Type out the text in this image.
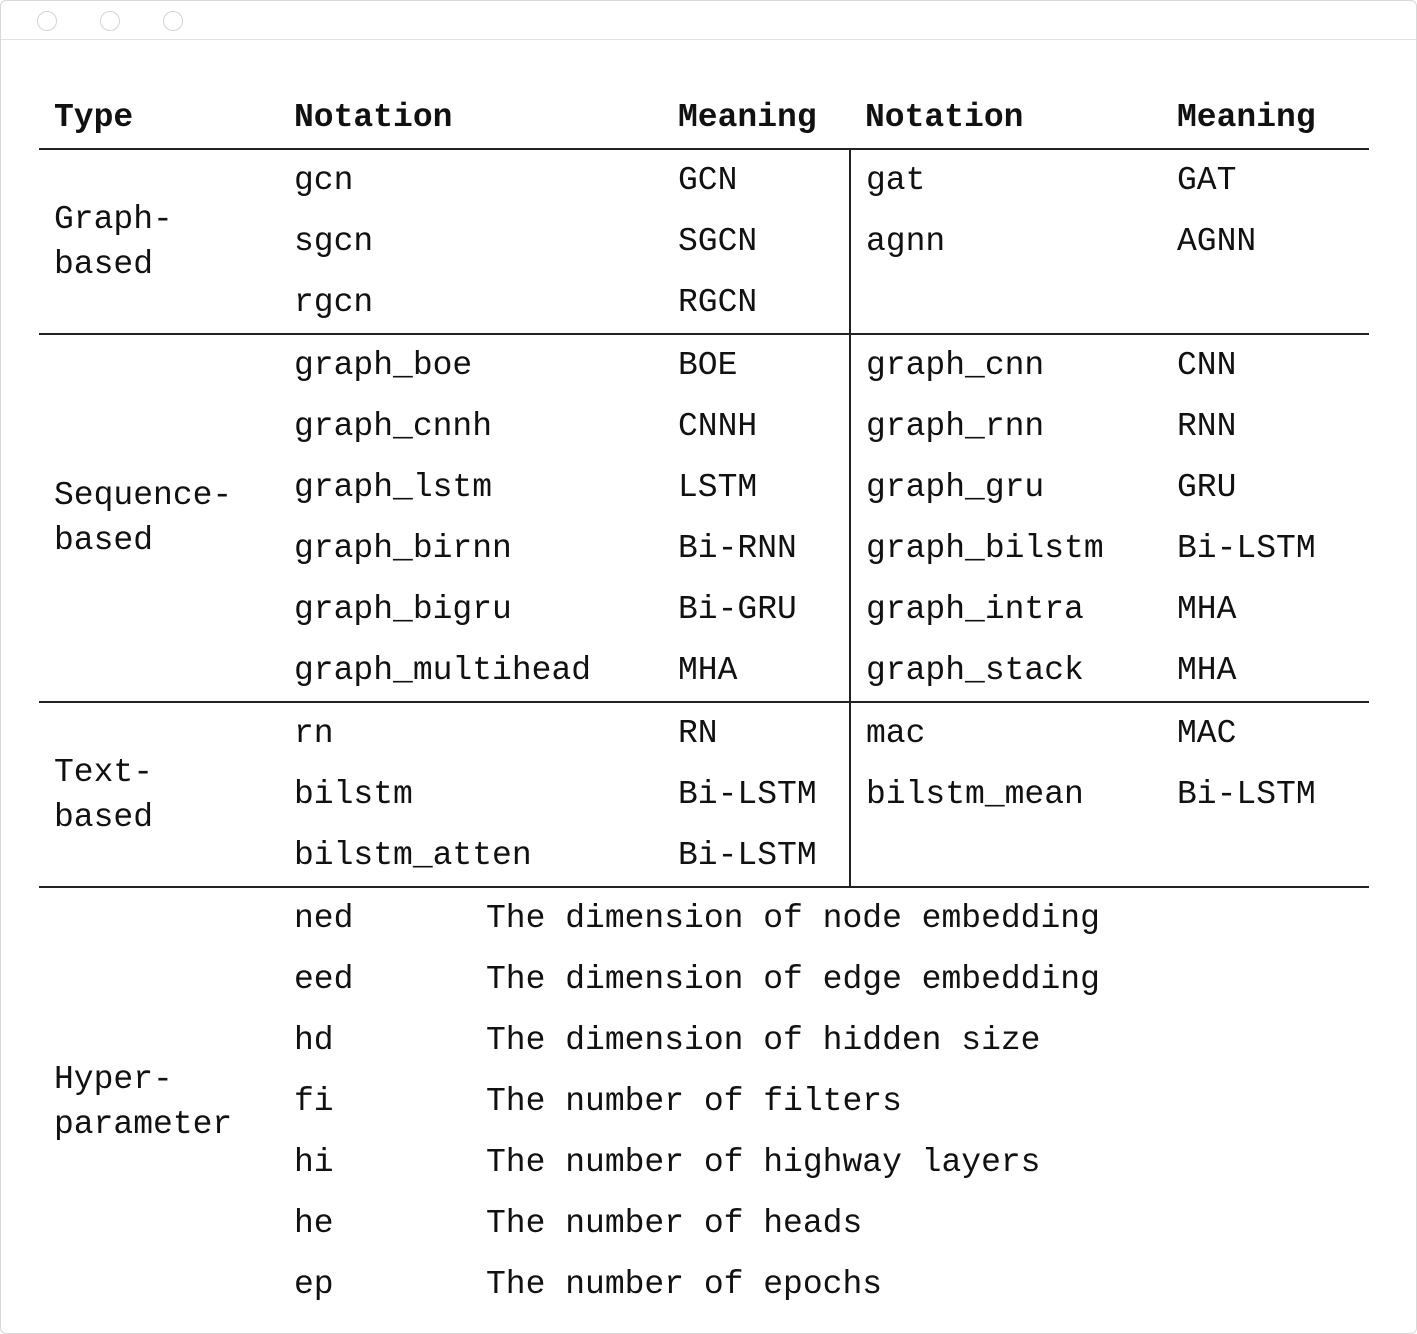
Type	Notation	Meaning	Notation	Meaning
Graph-
based	gcn	GCN	gat	GAT
	sgcn	SGCN	agnn	AGNN
	rgcn	RGCN		
Sequence-
based	graph_boe	BOE	graph_cnn	CNN
	graph_cnnh	CNNH	graph_rnn	RNN
	graph_lstm	LSTM	graph_gru	GRU
	graph_birnn	Bi-RNN	graph_bilstm	Bi-LSTM
	graph_bigru	Bi-GRU	graph_intra	MHA
	graph_multihead	MHA	graph_stack	MHA
Text-
based	rn	RN	mac	MAC
	bilstm	Bi-LSTM	bilstm_mean	Bi-LSTM
	bilstm_atten	Bi-LSTM		
Hyper-
parameter	ned	The dimension of node embedding		
	eed	The dimension of edge embedding		
	hd	The dimension of hidden size		
	fi	The number of filters		
	hi	The number of highway layers		
	he	The number of heads		
	ep	The number of epochs		
